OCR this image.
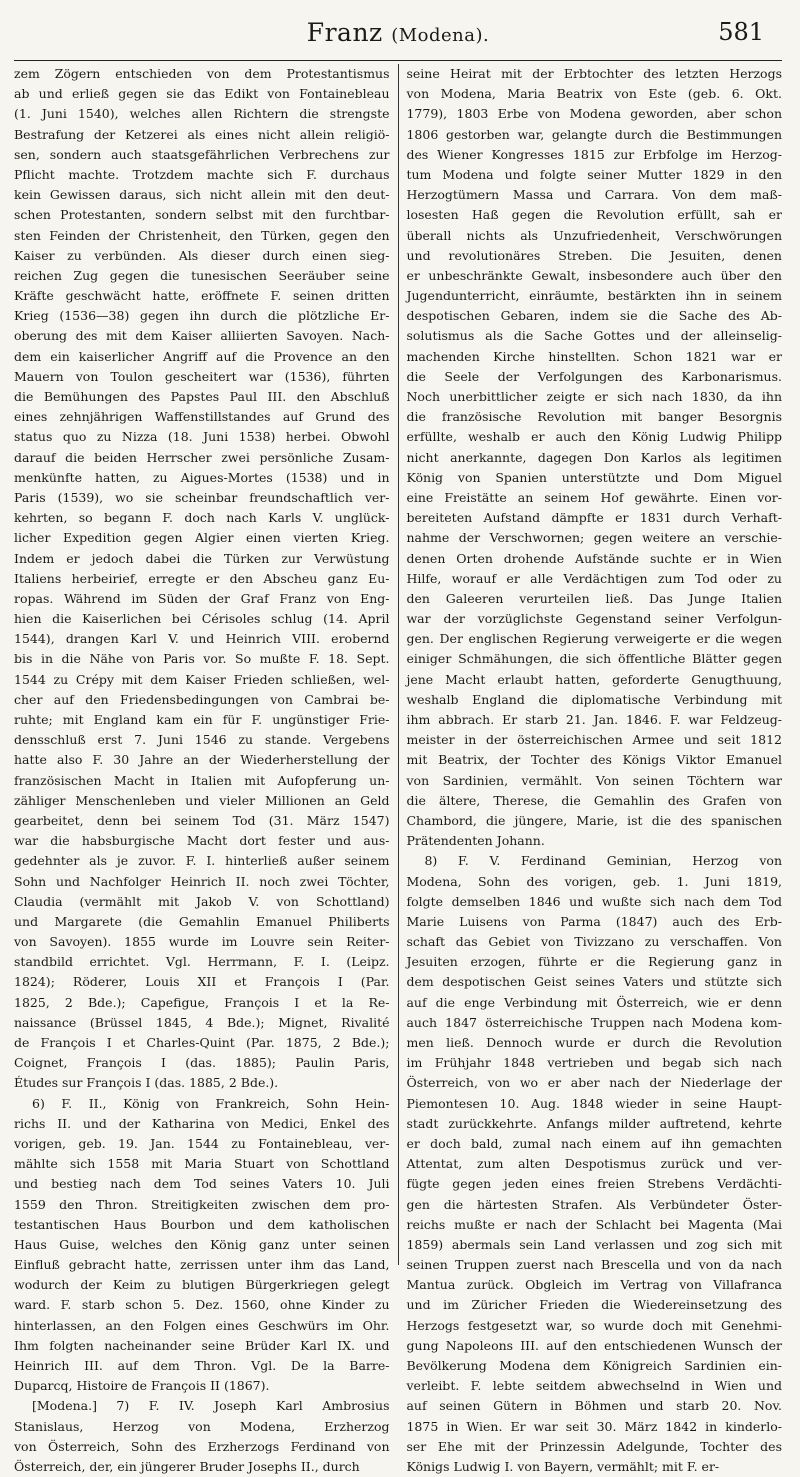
Franz (Modena).	581

zem Zögern entschieden von dem Protestantismus
ab und erließ gegen sie das Edikt von Fontainebleau
(1. Juni 1540), welches allen Richtern die strengste
Bestrafung der Ketzerei als eines nicht allein religiö-
sen, sondern auch staatsgefährlichen Verbrechens zur
Pflicht machte. Trotzdem machte sich F. durchaus
kein Gewissen daraus, sich nicht allein mit den deut-
schen Protestanten, sondern selbst mit den furchtbar-
sten Feinden der Christenheit, den Türken, gegen den
Kaiser zu verbünden. Als dieser durch einen sieg-
reichen Zug gegen die tunesischen Seeräuber seine
Kräfte geschwächt hatte, eröffnete F. seinen dritten
Krieg (1536—38) gegen ihn durch die plötzliche Er-
oberung des mit dem Kaiser alliierten Savoyen. Nach-
dem ein kaiserlicher Angriff auf die Provence an den
Mauern von Toulon gescheitert war (1536), führten
die Bemühungen des Papstes Paul III. den Abschluß
eines zehnjährigen Waffenstillstandes auf Grund des
status quo zu Nizza (18. Juni 1538) herbei. Obwohl
darauf die beiden Herrscher zwei persönliche Zusam-
menkünfte hatten, zu Aigues-Mortes (1538) und in
Paris (1539), wo sie scheinbar freundschaftlich ver-
kehrten, so begann F. doch nach Karls V. unglück-
licher Expedition gegen Algier einen vierten Krieg.
Indem er jedoch dabei die Türken zur Verwüstung
Italiens herbeirief, erregte er den Abscheu ganz Eu-
ropas. Während im Süden der Graf Franz von Eng-
hien die Kaiserlichen bei Cérisoles schlug (14. April
1544), drangen Karl V. und Heinrich VIII. erobernd
bis in die Nähe von Paris vor. So mußte F. 18. Sept.
1544 zu Crépy mit dem Kaiser Frieden schließen, wel-
cher auf den Friedensbedingungen von Cambrai be-
ruhte; mit England kam ein für F. ungünstiger Frie-
densschluß erst 7. Juni 1546 zu stande. Vergebens
hatte also F. 30 Jahre an der Wiederherstellung der
französischen Macht in Italien mit Aufopferung un-
zähliger Menschenleben und vieler Millionen an Geld
gearbeitet, denn bei seinem Tod (31. März 1547)
war die habsburgische Macht dort fester und aus-
gedehnter als je zuvor. F. I. hinterließ außer seinem
Sohn und Nachfolger Heinrich II. noch zwei Töchter,
Claudia (vermählt mit Jakob V. von Schottland)
und Margarete (die Gemahlin Emanuel Philiberts
von Savoyen). 1855 wurde im Louvre sein Reiter-
standbild errichtet. Vgl. Herrmann, F. I. (Leipz.
1824); Röderer, Louis XII et François I (Par.
1825, 2 Bde.); Capefigue, François I et la Re-
naissance (Brüssel 1845, 4 Bde.); Mignet, Rivalité
de François I et Charles-Quint (Par. 1875, 2 Bde.);
Coignet, François I (das. 1885); Paulin Paris,
Études sur François I (das. 1885, 2 Bde.).

6) F. II., König von Frankreich, Sohn Hein-
richs II. und der Katharina von Medici, Enkel des
vorigen, geb. 19. Jan. 1544 zu Fontainebleau, ver-
mählte sich 1558 mit Maria Stuart von Schottland
und bestieg nach dem Tod seines Vaters 10. Juli
1559 den Thron. Streitigkeiten zwischen dem pro-
testantischen Haus Bourbon und dem katholischen
Haus Guise, welches den König ganz unter seinen
Einfluß gebracht hatte, zerrissen unter ihm das Land,
wodurch der Keim zu blutigen Bürgerkriegen gelegt
ward. F. starb schon 5. Dez. 1560, ohne Kinder zu
hinterlassen, an den Folgen eines Geschwürs im Ohr.
Ihm folgten nacheinander seine Brüder Karl IX. und
Heinrich III. auf dem Thron. Vgl. De la Barre-
Duparcq, Histoire de François II (1867).

[Modena.] 7) F. IV. Joseph Karl Ambrosius
Stanislaus, Herzog von Modena, Erzherzog
von Österreich, Sohn des Erzherzogs Ferdinand von
Österreich, der, ein jüngerer Bruder Josephs II., durch

seine Heirat mit der Erbtochter des letzten Herzogs
von Modena, Maria Beatrix von Este (geb. 6. Okt.
1779), 1803 Erbe von Modena geworden, aber schon
1806 gestorben war, gelangte durch die Bestimmungen
des Wiener Kongresses 1815 zur Erbfolge im Herzog-
tum Modena und folgte seiner Mutter 1829 in den
Herzogtümern Massa und Carrara. Von dem maß-
losesten Haß gegen die Revolution erfüllt, sah er
überall nichts als Unzufriedenheit, Verschwörungen
und revolutionäres Streben. Die Jesuiten, denen
er unbeschränkte Gewalt, insbesondere auch über den
Jugendunterricht, einräumte, bestärkten ihn in seinem
despotischen Gebaren, indem sie die Sache des Ab-
solutismus als die Sache Gottes und der alleinselig-
machenden Kirche hinstellten. Schon 1821 war er
die Seele der Verfolgungen des Karbonarismus.
Noch unerbittlicher zeigte er sich nach 1830, da ihn
die französische Revolution mit banger Besorgnis
erfüllte, weshalb er auch den König Ludwig Philipp
nicht anerkannte, dagegen Don Karlos als legitimen
König von Spanien unterstützte und Dom Miguel
eine Freistätte an seinem Hof gewährte. Einen vor-
bereiteten Aufstand dämpfte er 1831 durch Verhaft-
nahme der Verschwornen; gegen weitere an verschie-
denen Orten drohende Aufstände suchte er in Wien
Hilfe, worauf er alle Verdächtigen zum Tod oder zu
den Galeeren verurteilen ließ. Das Junge Italien
war der vorzüglichste Gegenstand seiner Verfolgun-
gen. Der englischen Regierung verweigerte er die wegen
einiger Schmähungen, die sich öffentliche Blätter gegen
jene Macht erlaubt hatten, geforderte Genugthuung,
weshalb England die diplomatische Verbindung mit
ihm abbrach. Er starb 21. Jan. 1846. F. war Feldzeug-
meister in der österreichischen Armee und seit 1812
mit Beatrix, der Tochter des Königs Viktor Emanuel
von Sardinien, vermählt. Von seinen Töchtern war
die ältere, Therese, die Gemahlin des Grafen von
Chambord, die jüngere, Marie, ist die des spanischen
Prätendenten Johann.

8) F. V. Ferdinand Geminian, Herzog von
Modena, Sohn des vorigen, geb. 1. Juni 1819,
folgte demselben 1846 und wußte sich nach dem Tod
Marie Luisens von Parma (1847) auch des Erb-
schaft das Gebiet von Tivizzano zu verschaffen. Von
Jesuiten erzogen, führte er die Regierung ganz in
dem despotischen Geist seines Vaters und stützte sich
auf die enge Verbindung mit Österreich, wie er denn
auch 1847 österreichische Truppen nach Modena kom-
men ließ. Dennoch wurde er durch die Revolution
im Frühjahr 1848 vertrieben und begab sich nach
Österreich, von wo er aber nach der Niederlage der
Piemontesen 10. Aug. 1848 wieder in seine Haupt-
stadt zurückkehrte. Anfangs milder auftretend, kehrte
er doch bald, zumal nach einem auf ihn gemachten
Attentat, zum alten Despotismus zurück und ver-
fügte gegen jeden eines freien Strebens Verdächti-
gen die härtesten Strafen. Als Verbündeter Öster-
reichs mußte er nach der Schlacht bei Magenta (Mai
1859) abermals sein Land verlassen und zog sich mit
seinen Truppen zuerst nach Brescella und von da nach
Mantua zurück. Obgleich im Vertrag von Villafranca
und im Züricher Frieden die Wiedereinsetzung des
Herzogs festgesetzt war, so wurde doch mit Genehmi-
gung Napoleons III. auf den entschiedenen Wunsch der
Bevölkerung Modena dem Königreich Sardinien ein-
verleibt. F. lebte seitdem abwechselnd in Wien und
auf seinen Gütern in Böhmen und starb 20. Nov.
1875 in Wien. Er war seit 30. März 1842 in kinderlo-
ser Ehe mit der Prinzessin Adelgunde, Tochter des
Königs Ludwig I. von Bayern, vermählt; mit F. er-
